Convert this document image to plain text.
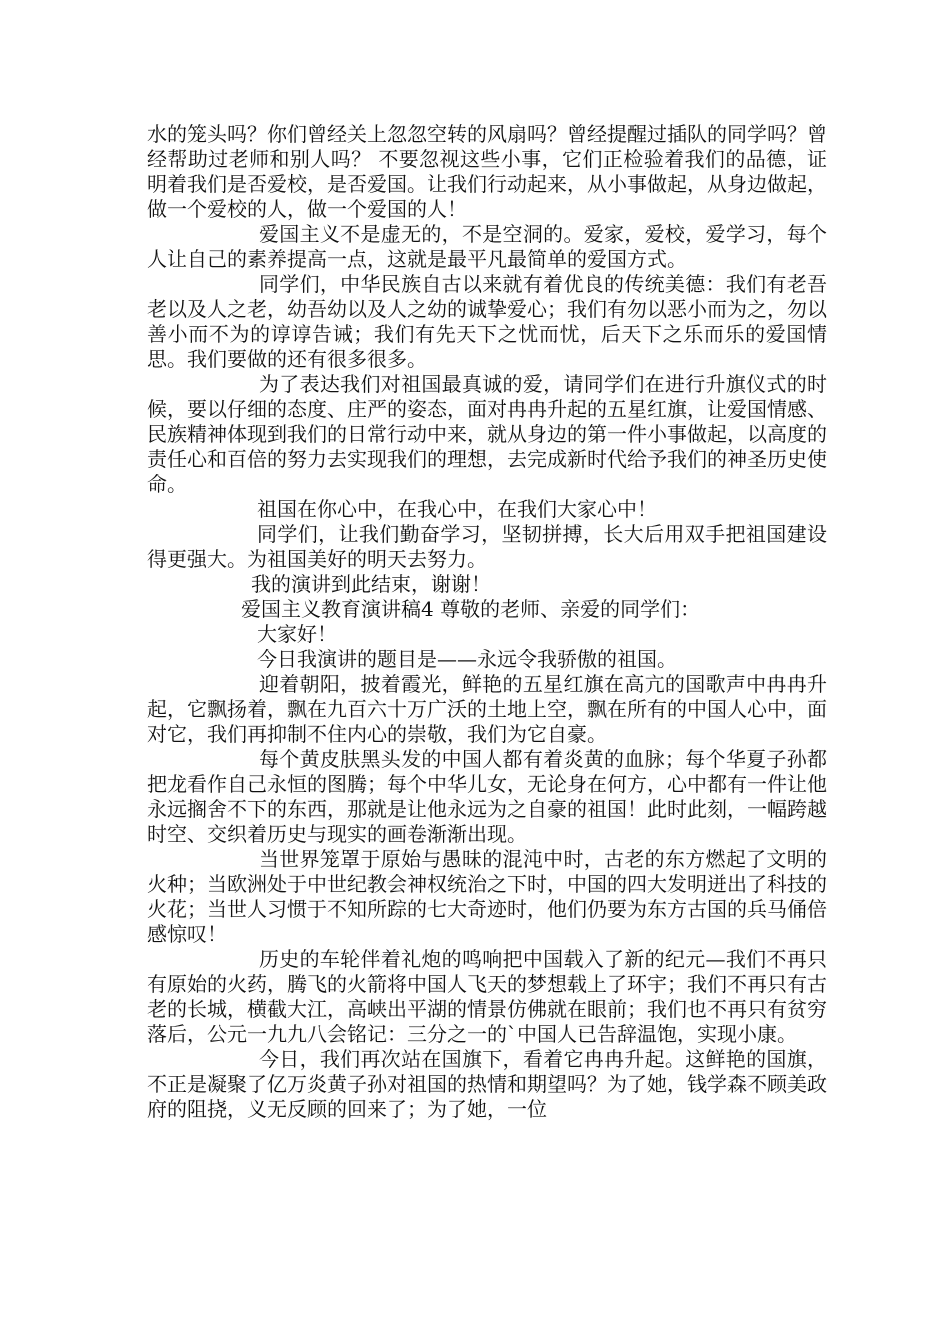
水的笼头吗？你们曾经关上忽忽空转的风扇吗？曾经提醒过插队的同学吗？曾经帮助过老师和别人吗？ 不要忽视这些小事，它们正检验着我们的品德，证明着我们是否爱校，是否爱国。让我们行动起来，从小事做起，从身边做起，做一个爱校的人，做一个爱国的人！

爱国主义不是虚无的，不是空洞的。爱家，爱校，爱学习，每个人让自己的素养提高一点，这就是最平凡最简单的爱国方式。

同学们，中华民族自古以来就有着优良的传统美德：我们有老吾老以及人之老，幼吾幼以及人之幼的诚挚爱心；我们有勿以恶小而为之，勿以善小而不为的谆谆告诫；我们有先天下之忧而忧，后天下之乐而乐的爱国情思。我们要做的还有很多很多。

为了表达我们对祖国最真诚的爱，请同学们在进行升旗仪式的时候，要以仔细的态度、庄严的姿态，面对冉冉升起的五星红旗，让爱国情感、民族精神体现到我们的日常行动中来，就从身边的第一件小事做起，以高度的责任心和百倍的努力去实现我们的理想，去完成新时代给予我们的神圣历史使命。

祖国在你心中，在我心中，在我们大家心中！

同学们，让我们勤奋学习，坚韧拼搏，长大后用双手把祖国建设得更强大。为祖国美好的明天去努力。

我的演讲到此结束，谢谢！

爱国主义教育演讲稿4 尊敬的老师、亲爱的同学们：

大家好！

今日我演讲的题目是——永远令我骄傲的祖国。

迎着朝阳，披着霞光，鲜艳的五星红旗在高亢的国歌声中冉冉升起，它飘扬着，飘在九百六十万广沃的土地上空，飘在所有的中国人心中，面对它，我们再抑制不住内心的崇敬，我们为它自豪。

每个黄皮肤黑头发的中国人都有着炎黄的血脉；每个华夏子孙都把龙看作自己永恒的图腾；每个中华儿女，无论身在何方，心中都有一件让他永远搁舍不下的东西，那就是让他永远为之自豪的祖国！此时此刻，一幅跨越时空、交织着历史与现实的画卷渐渐出现。

当世界笼罩于原始与愚昧的混沌中时，古老的东方燃起了文明的火种；当欧洲处于中世纪教会神权统治之下时，中国的四大发明迸出了科技的火花；当世人习惯于不知所踪的七大奇迹时，他们仍要为东方古国的兵马俑倍感惊叹！

历史的车轮伴着礼炮的鸣响把中国载入了新的纪元—我们不再只有原始的火药，腾飞的火箭将中国人飞天的梦想载上了环宇；我们不再只有古老的长城，横截大江，高峡出平湖的情景仿佛就在眼前；我们也不再只有贫穷落后，公元一九九八会铭记：三分之一的`中国人已告辞温饱，实现小康。

今日，我们再次站在国旗下，看着它冉冉升起。这鲜艳的国旗，不正是凝聚了亿万炎黄子孙对祖国的热情和期望吗？为了她，钱学森不顾美政府的阻挠，义无反顾的回来了；为了她，一位
